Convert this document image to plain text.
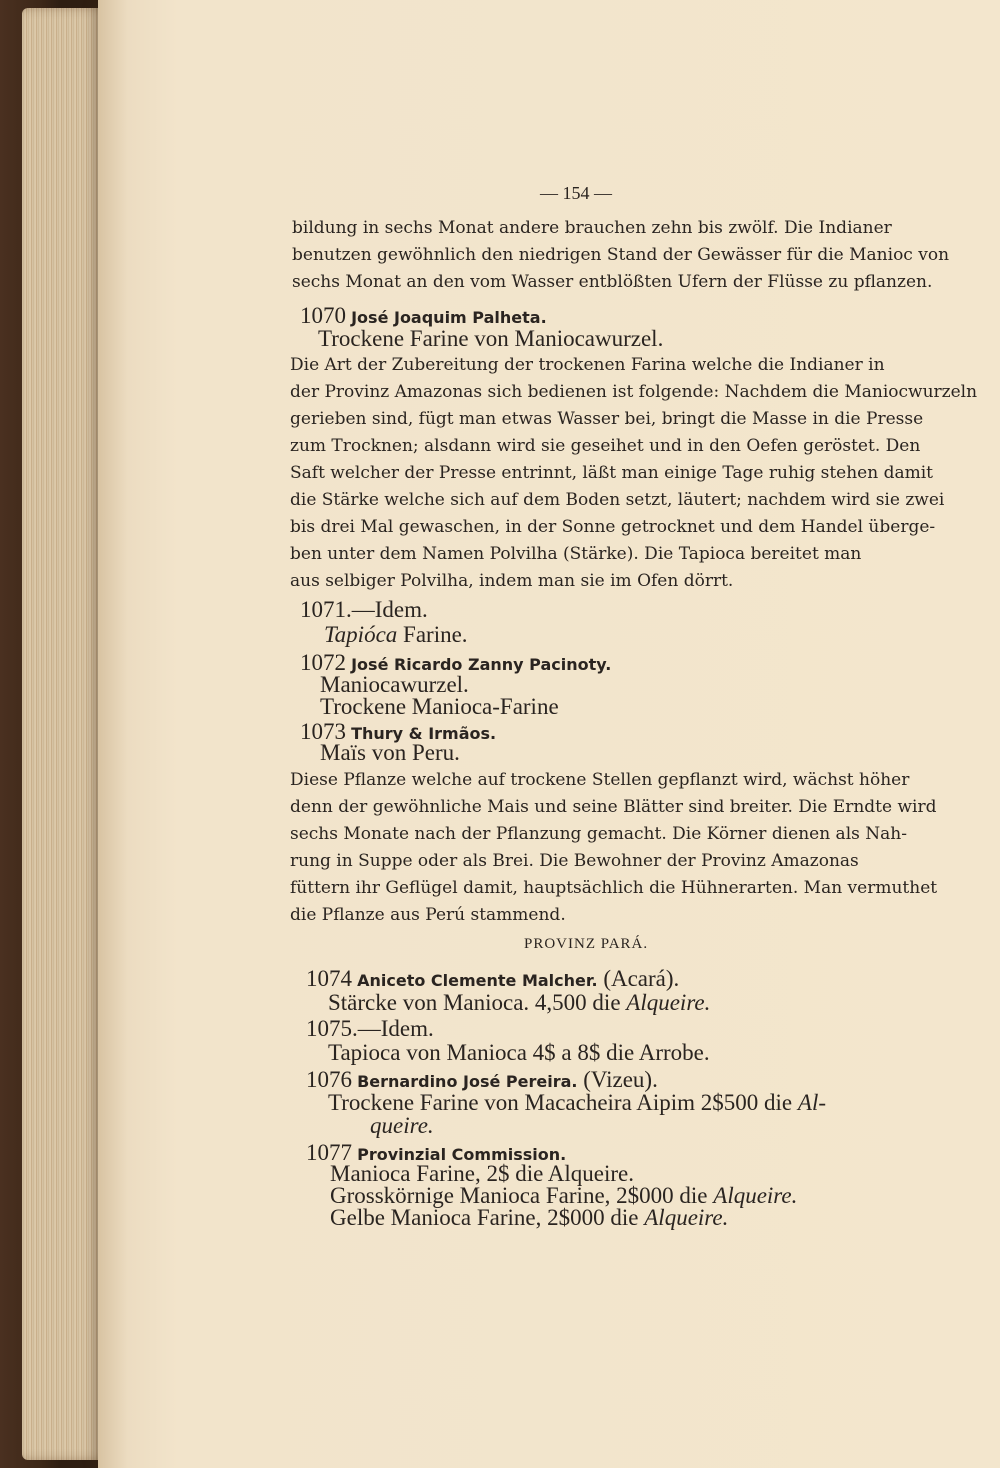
— 154 —
bildung in sechs Monat andere brauchen zehn bis zwölf. Die Indianer
benutzen gewöhnlich den niedrigen Stand der Gewässer für die Manioc von
sechs Monat an den vom Wasser entblößten Ufern der Flüsse zu pflanzen.
1070 José Joaquim Palheta.
Trockene Farine von Maniocawurzel.
Die Art der Zubereitung der trockenen Farina welche die Indianer in
der Provinz Amazonas sich bedienen ist folgende: Nachdem die Maniocwurzeln
gerieben sind, fügt man etwas Wasser bei, bringt die Masse in die Presse
zum Trocknen; alsdann wird sie geseihet und in den Oefen geröstet. Den
Saft welcher der Presse entrinnt, läßt man einige Tage ruhig stehen damit
die Stärke welche sich auf dem Boden setzt, läutert; nachdem wird sie zwei
bis drei Mal gewaschen, in der Sonne getrocknet und dem Handel überge-
ben unter dem Namen Polvilha (Stärke). Die Tapioca bereitet man
aus selbiger Polvilha, indem man sie im Ofen dörrt.
1071.—Idem.
Tapióca Farine.
1072 José Ricardo Zanny Pacinoty.
Maniocawurzel.
Trockene Manioca-Farine
1073 Thury & Irmãos.
Maïs von Peru.
Diese Pflanze welche auf trockene Stellen gepflanzt wird, wächst höher
denn der gewöhnliche Mais und seine Blätter sind breiter. Die Erndte wird
sechs Monate nach der Pflanzung gemacht. Die Körner dienen als Nah-
rung in Suppe oder als Brei. Die Bewohner der Provinz Amazonas
füttern ihr Geflügel damit, hauptsächlich die Hühnerarten. Man vermuthet
die Pflanze aus Perú stammend.
PROVINZ PARÁ.
1074 Aniceto Clemente Malcher. (Acará).
Stärcke von Manioca. 4,500 die Alqueire.
1075.—Idem.
Tapioca von Manioca 4$ a 8$ die Arrobe.
1076 Bernardino José Pereira. (Vizeu).
Trockene Farine von Macacheira Aipim 2$500 die Al-
queire.
1077 Provinzial Commission.
Manioca Farine, 2$ die Alqueire.
Grosskörnige Manioca Farine, 2$000 die Alqueire.
Gelbe Manioca Farine, 2$000 die Alqueire.
